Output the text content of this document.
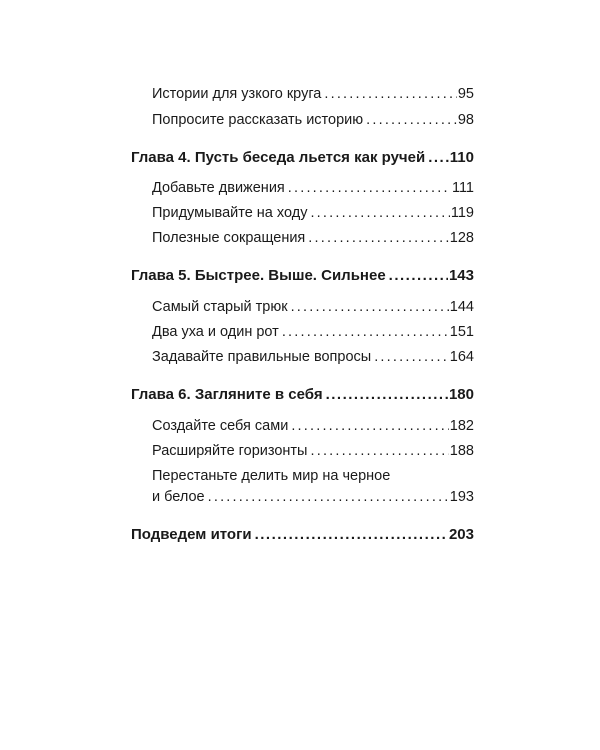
Истории для узкого круга .....	95
Попросите рассказать историю .....	98
Глава 4. Пусть беседа льется как ручей ..... 110
Добавьте движения .....	111
Придумывайте на ходу .....	119
Полезные сокращения .....	128
Глава 5. Быстрее. Выше. Сильнее .....	143
Самый старый трюк .....	144
Два уха и один рот .....	151
Задавайте правильные вопросы .....	164
Глава 6. Загляните в себя .....	180
Создайте себя сами .....	182
Расширяйте горизонты .....	188
Перестаньте делить мир на черное
и белое .....	193
Подведем итоги .....	203
